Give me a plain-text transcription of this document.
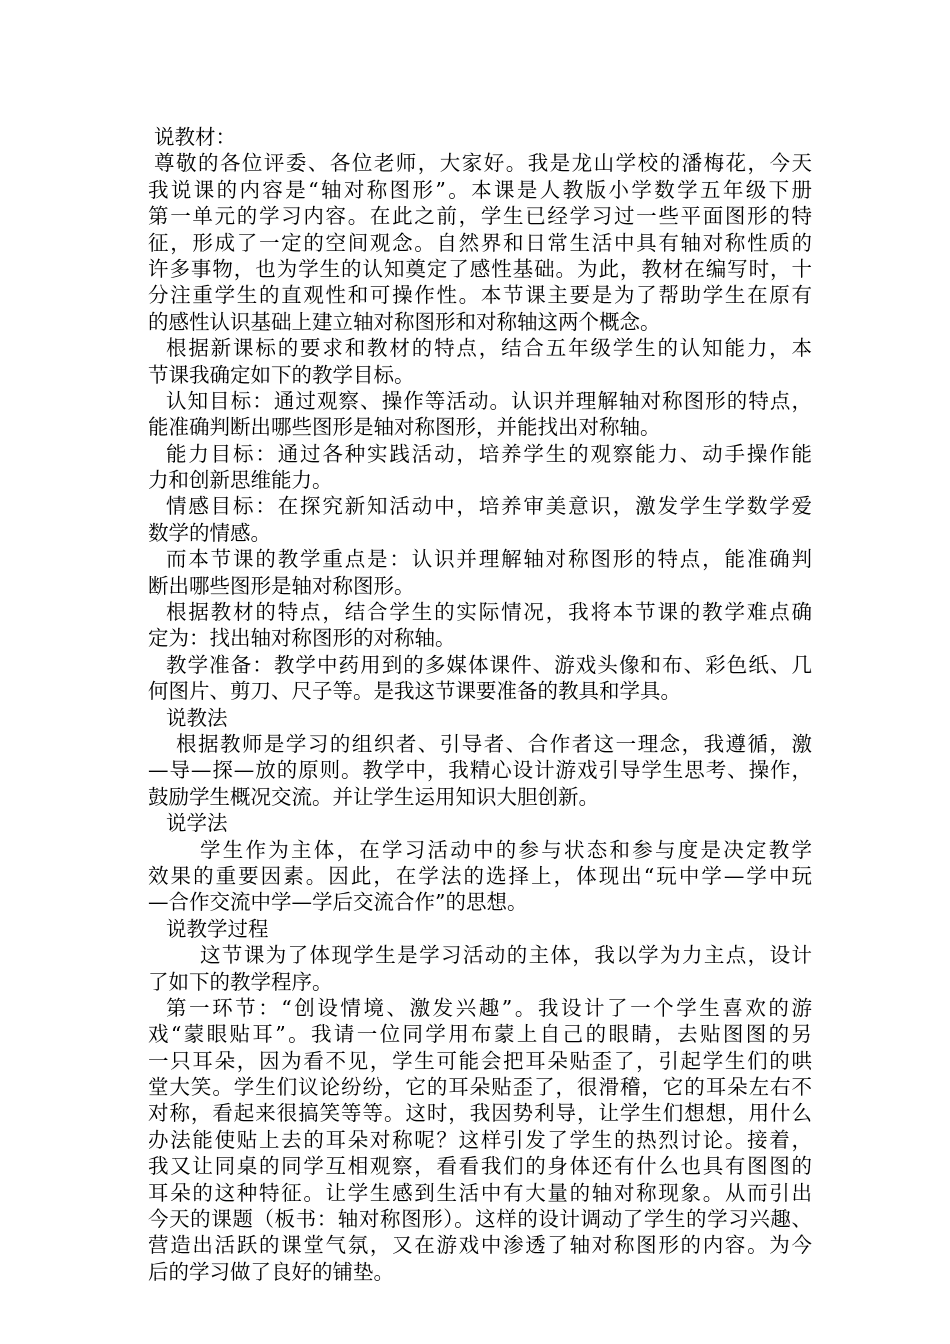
说教材：
尊敬的各位评委、各位老师，大家好。我是龙山学校的潘梅花，今天
我说课的内容是“轴对称图形”。本课是人教版小学数学五年级下册
第一单元的学习内容。在此之前，学生已经学习过一些平面图形的特
征，形成了一定的空间观念。自然界和日常生活中具有轴对称性质的
许多事物，也为学生的认知奠定了感性基础。为此，教材在编写时，十
分注重学生的直观性和可操作性。本节课主要是为了帮助学生在原有
的感性认识基础上建立轴对称图形和对称轴这两个概念。
根据新课标的要求和教材的特点，结合五年级学生的认知能力，本
节课我确定如下的教学目标。
认知目标：通过观察、操作等活动。认识并理解轴对称图形的特点，
能准确判断出哪些图形是轴对称图形，并能找出对称轴。
能力目标：通过各种实践活动，培养学生的观察能力、动手操作能
力和创新思维能力。
情感目标：在探究新知活动中，培养审美意识，激发学生学数学爱
数学的情感。
而本节课的教学重点是：认识并理解轴对称图形的特点，能准确判
断出哪些图形是轴对称图形。
根据教材的特点，结合学生的实际情况，我将本节课的教学难点确
定为：找出轴对称图形的对称轴。
教学准备：教学中药用到的多媒体课件、游戏头像和布、彩色纸、几
何图片、剪刀、尺子等。是我这节课要准备的教具和学具。
说教法
根据教师是学习的组织者、引导者、合作者这一理念，我遵循，激
—导—探—放的原则。教学中，我精心设计游戏引导学生思考、操作，
鼓励学生概况交流。并让学生运用知识大胆创新。
说学法
学生作为主体，在学习活动中的参与状态和参与度是决定教学
效果的重要因素。因此，在学法的选择上，体现出“玩中学—学中玩
—合作交流中学—学后交流合作”的思想。
说教学过程
这节课为了体现学生是学习活动的主体，我以学为力主点，设计
了如下的教学程序。
第一环节：“创设情境、激发兴趣”。我设计了一个学生喜欢的游
戏“蒙眼贴耳”。我请一位同学用布蒙上自己的眼睛，去贴图图的另
一只耳朵，因为看不见，学生可能会把耳朵贴歪了，引起学生们的哄
堂大笑。学生们议论纷纷，它的耳朵贴歪了，很滑稽，它的耳朵左右不
对称，看起来很搞笑等等。这时，我因势利导，让学生们想想，用什么
办法能使贴上去的耳朵对称呢？这样引发了学生的热烈讨论。接着，
我又让同桌的同学互相观察，看看我们的身体还有什么也具有图图的
耳朵的这种特征。让学生感到生活中有大量的轴对称现象。从而引出
今天的课题（板书：轴对称图形）。这样的设计调动了学生的学习兴趣、
营造出活跃的课堂气氛，又在游戏中渗透了轴对称图形的内容。为今
后的学习做了良好的铺垫。
